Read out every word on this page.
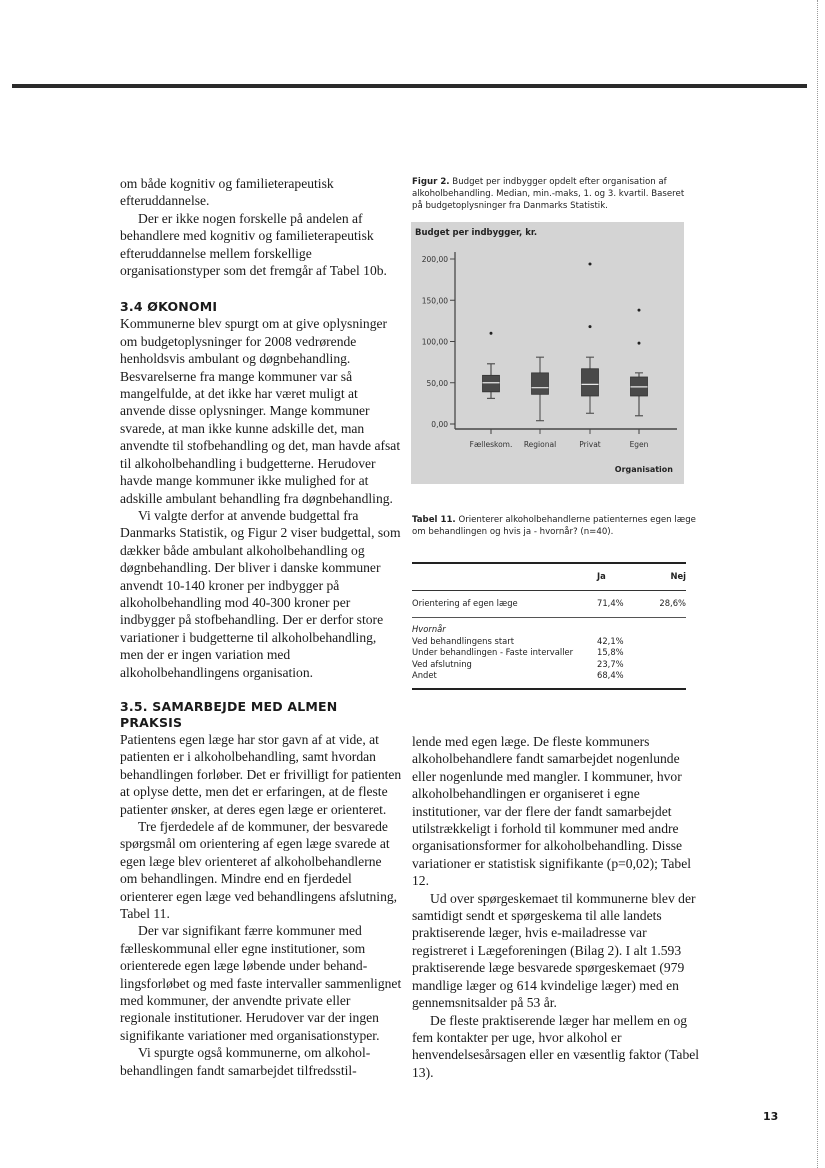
om både kognitiv og familieterapeutisk efteruddannelse.

Der er ikke nogen forskelle på andelen af behandlere med kognitiv og familieterapeutisk efteruddannelse mellem forskellige organisationstyper som det fremgår af Tabel 10b.

3.4 ØKONOMI

Kommunerne blev spurgt om at give oplysninger om budgetoplysninger for 2008 vedrørende henholdsvis ambulant og døgnbehandling. Besvarelserne fra mange kommuner var så mangelfulde, at det ikke har været muligt at anvende disse oplysninger. Mange kommuner svarede, at man ikke kunne adskille det, man anvendte til stofbehandling og det, man havde afsat til alkoholbehandling i budgetterne. Herudover havde mange kommuner ikke mulighed for at adskille ambulant behandling fra døgnbehandling.

Vi valgte derfor at anvende budgettal fra Danmarks Statistik, og Figur 2 viser budgettal, som dækker både ambulant alkoholbehandling og døgnbehandling. Der bliver i danske kommuner anvendt 10-140 kroner per indbygger på alkoholbehandling mod 40-300 kroner per indbygger på stofbehandling. Der er derfor store variationer i budgetterne til alkoholbehandling, men der er ingen variation med alkoholbehandlingens organisation.

3.5. SAMARBEJDE MED ALMEN PRAKSIS

Patientens egen læge har stor gavn af at vide, at patienten er i alkoholbehandling, samt hvordan behandlingen forløber. Det er frivilligt for patienten at oplyse dette, men det er erfaringen, at de fleste patienter ønsker, at deres egen læge er orienteret.

Tre fjerdedele af de kommuner, der besvarede spørgsmål om orientering af egen læge svarede at egen læge blev orienteret af alkoholbehandlerne om behandlingen. Mindre end en fjerdedel orienterer egen læge ved behandlingens afslutning, Tabel 11.

Der var signifikant færre kommuner med fælleskommunal eller egne institutioner, som orienterede egen læge løbende under behandlingsforløbet og med faste intervaller sammenlignet med kommuner, der anvendte private eller regionale institutioner. Herudover var der ingen signifikante variationer med organisationstyper.

Vi spurgte også kommunerne, om alkoholbehandlingen fandt samarbejdet tilfredsstil-

Figur 2. Budget per indbygger opdelt efter organisation af alkoholbehandling. Median, min.-maks, 1. og 3. kvartil. Baseret på budgetoplysninger fra Danmarks Statistik.
Budget per indbygger, kr.
0,00
50,00
100,00
150,00
200,00
Fælleskom. Regional	Privat	Egen
Organisation
Tabel 11. Orienterer alkoholbehandlerne patienternes egen læge om behandlingen og hvis ja - hvornår? (n=40).
	Ja	Nej
Orientering af egen læge	71,4%	28,6%
Hvornår		
Ved behandlingens start	42,1%	
Under behandlingen - Faste intervaller	15,8%	
Ved afslutning	23,7%	
Andet	68,4%	

lende med egen læge. De fleste kommuners alkoholbehandlere fandt samarbejdet nogenlunde eller nogenlunde med mangler. I kommuner, hvor alkoholbehandlingen er organiseret i egne institutioner, var der flere der fandt samarbejdet utilstrækkeligt i forhold til kommuner med andre organisationsformer for alkoholbehandling. Disse variationer er statistisk signifikante (p=0,02); Tabel 12.

Ud over spørgeskemaet til kommunerne blev der samtidigt sendt et spørgeskema til alle landets praktiserende læger, hvis e-mailadresse var registreret i Lægeforeningen (Bilag 2). I alt 1.593 praktiserende læge besvarede spørgeskemaet (979 mandlige læger og 614 kvindelige læger) med en gennemsnitsalder på 53 år.

De fleste praktiserende læger har mellem en og fem kontakter per uge, hvor alkohol er henvendelsesårsagen eller en væsentlig faktor (Tabel 13).

13
